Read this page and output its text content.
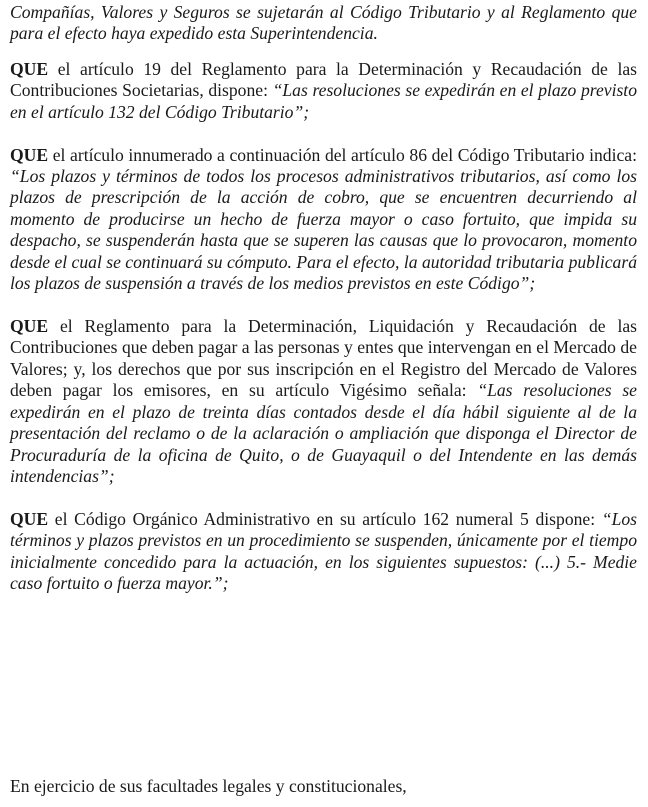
Compañías, Valores y Seguros se sujetarán al Código Tributario y al Reglamento que para el efecto haya expedido esta Superintendencia.

QUE el artículo 19 del Reglamento para la Determinación y Recaudación de las Contribuciones Societarias, dispone: “Las resoluciones se expedirán en el plazo previsto en el artículo 132 del Código Tributario”;

QUE el artículo innumerado a continuación del artículo 86 del Código Tributario indica: “Los plazos y términos de todos los procesos administrativos tributarios, así como los plazos de prescripción de la acción de cobro, que se encuentren decurriendo al momento de producirse un hecho de fuerza mayor o caso fortuito, que impida su despacho, se suspenderán hasta que se superen las causas que lo provocaron, momento desde el cual se continuará su cómputo. Para el efecto, la autoridad tributaria publicará los plazos de suspensión a través de los medios previstos en este Código”;

QUE el Reglamento para la Determinación, Liquidación y Recaudación de las Contribuciones que deben pagar a las personas y entes que intervengan en el Mercado de Valores; y, los derechos que por sus inscripción en el Registro del Mercado de Valores deben pagar los emisores, en su artículo Vigésimo señala: “Las resoluciones se expedirán en el plazo de treinta días contados desde el día hábil siguiente al de la presentación del reclamo o de la aclaración o ampliación que disponga el Director de Procuraduría de la oficina de Quito, o de Guayaquil o del Intendente en las demás intendencias”;

QUE el Código Orgánico Administrativo en su artículo 162 numeral 5 dispone: “Los términos y plazos previstos en un procedimiento se suspenden, únicamente por el tiempo inicialmente concedido para la actuación, en los siguientes supuestos: (...) 5.- Medie caso fortuito o fuerza mayor.”;

En ejercicio de sus facultades legales y constitucionales,
